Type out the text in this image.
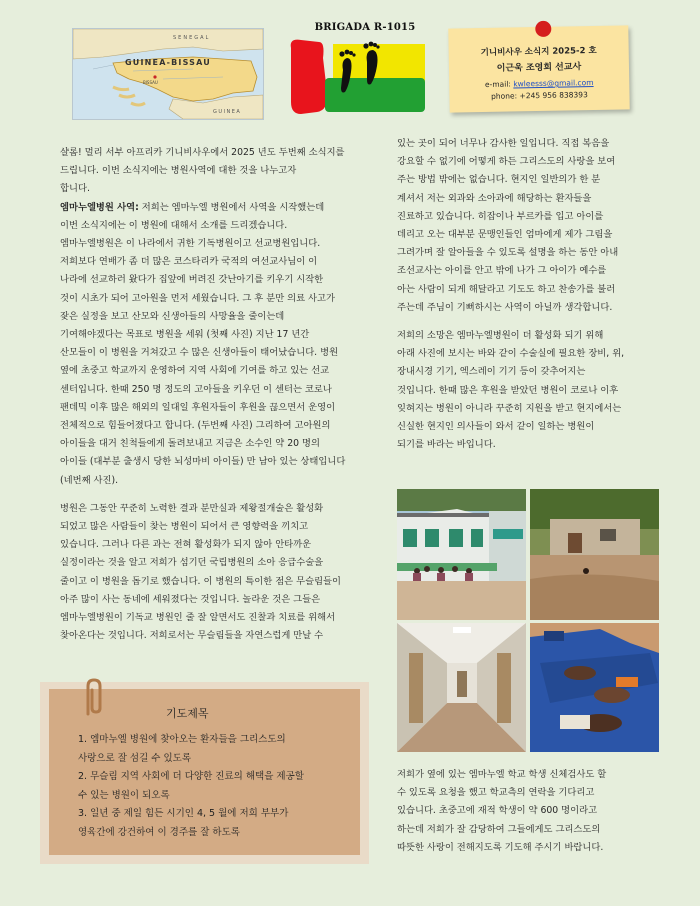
SENEGAL
GUINEA-BISSAU
BISSAU
GUINEA
BRIGADA R-1015
기니비사우 소식지 2025-2 호
이근욱 조영희 선교사
e-mail: kwleesss@gmail.com
phone: +245 956 838393

샬롬! 멀리 서부 아프리카 기니비사우에서 2025 년도 두번째 소식지를

드립니다. 이번 소식지에는 병원사역에 대한 것을 나누고자

합니다.

엠마누엘병원 사역: 저희는 엠마누엘 병원에서 사역을 시작했는데

이번 소식지에는 이 병원에 대해서 소개를 드리겠습니다.

엠마누엘병원은 이 나라에서 귀한 기독병원이고 선교병원입니다.

저희보다 연배가 좀 더 많은 코스타리카 국적의 여선교사님이 이

나라에 선교하러 왔다가 집앞에 버려진 갓난아기를 키우기 시작한

것이 시초가 되어 고아원을 먼저 세웠습니다. 그 후 분만 의료 사고가

잦은 실정을 보고 산모와 신생아들의 사망율을 줄이는데

기여해야겠다는 목표로 병원을 세워 (첫째 사진) 지난 17 년간

산모들이 이 병원을 거쳐갔고 수 많은 신생아들이 태어났습니다. 병원

옆에 초중고 학교까지 운영하여 지역 사회에 기여를 하고 있는 선교

센터입니다. 한때 250 명 정도의 고아들을 키우던 이 센터는 코로나

팬데믹 이후 많은 해외의 일대일 후원자들이 후원을 끊으면서 운영이

전체적으로 힘들어졌다고 합니다. (두번째 사진) 그리하여 고아원의

아이들을 대거 친척들에게 돌려보내고 지금은 소수인 약 20 명의

아이들 (대부분 출생시 당한 뇌성마비 아이들) 만 남아 있는 상태입니다

(네번째 사진).

병원은 그동안 꾸준히 노력한 결과 분만실과 제왕절개술은 활성화

되었고 많은 사람들이 찾는 병원이 되어서 큰 영향력을 끼치고

있습니다. 그러나 다른 과는 전혀 활성화가 되지 않아 안타까운

실정이라는 것을 알고 저희가 섬기던 국립병원의 소아 응급수술을

줄이고 이 병원을 돕기로 했습니다. 이 병원의 특이한 점은 무슬림들이

아주 많이 사는 동네에 세워졌다는 것입니다. 놀라운 것은 그들은

엠마누엘병원이 기독교 병원인 줄 잘 알면서도 진찰과 치료를 위해서

찾아온다는 것입니다. 저희로서는 무슬림들을 자연스럽게 만날 수

있는 곳이 되어 너무나 감사한 일입니다. 직접 복음을

강요할 수 없기에 어떻게 하든 그리스도의 사랑을 보여

주는 방법 밖에는 없습니다. 현지인 일반의가 한 분

계셔서 저는 외과와 소아과에 해당하는 환자들을

진료하고 있습니다. 히잡이나 부르카를 입고 아이를

데리고 오는 대부분 문맹인들인 엄마에게 제가 그림을

그려가며 잘 알아들을 수 있도록 설명을 하는 동안 아내

조선교사는 아이를 안고 밖에 나가 그 아이가 예수를

아는 사람이 되게 해달라고 기도도 하고 찬송가를 불러

주는데 주님이 기뻐하시는 사역이 아닐까 생각합니다.

저희의 소망은 엠마누엘병원이 더 활성화 되기 위해

아래 사진에 보시는 바와 같이 수술실에 필요한 장비, 위,

장내시경 기기, 엑스레이 기기 등이 갖추어지는

것입니다. 한때 많은 후원을 받았던 병원이 코로나 이후

잊혀지는 병원이 아니라 꾸준히 지원을 받고 현지에서는

신실한 현지인 의사들이 와서 같이 일하는 병원이

되기를 바라는 바입니다.

저희가 옆에 있는 엠마누엘 학교 학생 신체검사도 할

수 있도록 요청을 했고 학교측의 연락을 기다리고

있습니다. 초중고에 재적 학생이 약 600 명이라고

하는데 저희가 잘 감당하여 그들에게도 그리스도의

따뜻한 사랑이 전해지도록 기도해 주시기 바랍니다.

기도제목

1. 엠마누엘 병원에 찾아오는 환자들을 그리스도의

사랑으로 잘 섬길 수 있도록

2. 무슬림 지역 사회에 더 다양한 진료의 해택을 제공할

수 있는 병원이 되오록

3. 일년 중 제일 힘든 시기인 4, 5 월에 저희 부부가

영육간에 강건하여 이 경주를 잘 하도록
